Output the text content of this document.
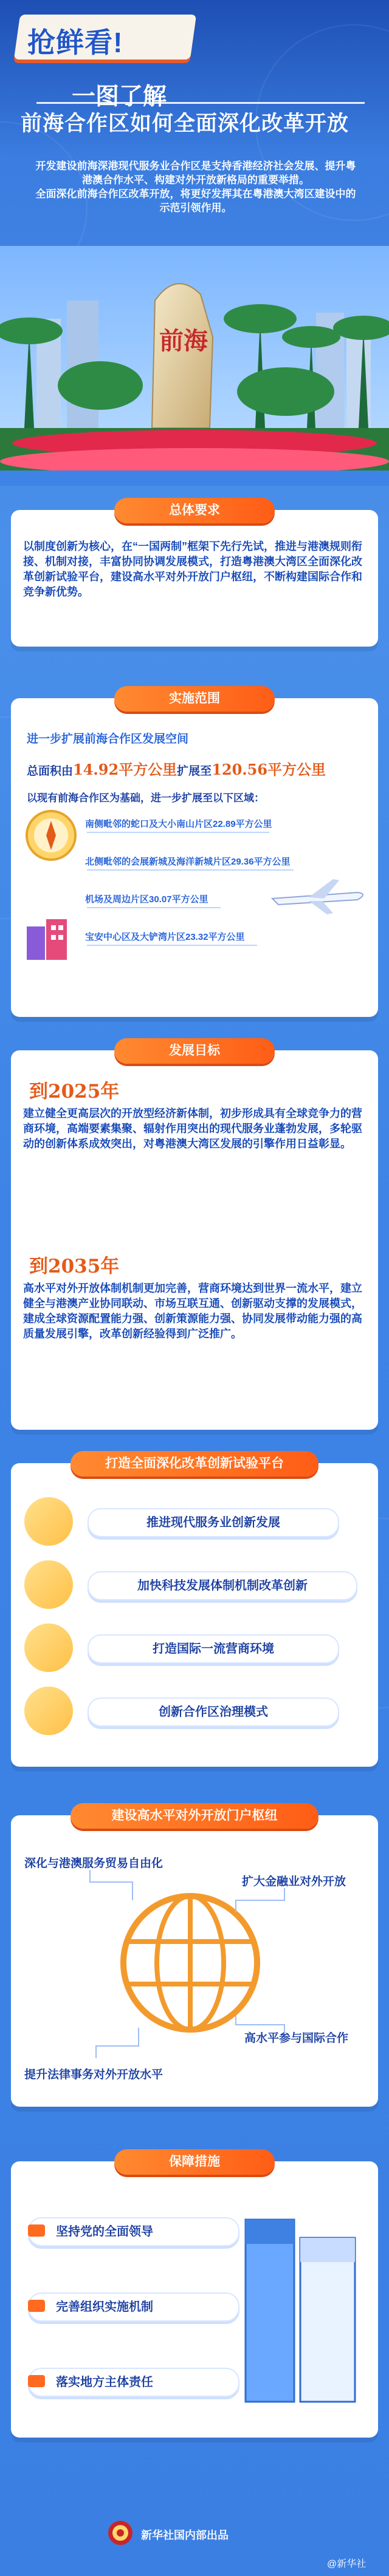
抢鲜看!
一图了解
前海合作区如何全面深化改革开放
开发建设前海深港现代服务业合作区是支持香港经济社会发展、提升粤港澳合作水平、构建对外开放新格局的重要举措。
全面深化前海合作区改革开放，将更好发挥其在粤港澳大湾区建设中的示范引领作用。
前海
以制度创新为核心，在“一国两制”框架下先行先试，推进与港澳规则衔接、机制对接，丰富协同协调发展模式，打造粤港澳大湾区全面深化改革创新试验平台，建设高水平对外开放门户枢纽，不断构建国际合作和竞争新优势。
总体要求
进一步扩展前海合作区发展空间
总面积由14.92平方公里扩展至120.56平方公里
以现有前海合作区为基础，进一步扩展至以下区域：
南侧毗邻的蛇口及大小南山片区22.89平方公里
北侧毗邻的会展新城及海洋新城片区29.36平方公里
机场及周边片区30.07平方公里
宝安中心区及大铲湾片区23.32平方公里
实施范围
到2025年
建立健全更高层次的开放型经济新体制，初步形成具有全球竞争力的营商环境，高端要素集聚、辐射作用突出的现代服务业蓬勃发展，多轮驱动的创新体系成效突出，对粤港澳大湾区发展的引擎作用日益彰显。
到2035年
高水平对外开放体制机制更加完善，营商环境达到世界一流水平，建立健全与港澳产业协同联动、市场互联互通、创新驱动支撑的发展模式，建成全球资源配置能力强、创新策源能力强、协同发展带动能力强的高质量发展引擎，改革创新经验得到广泛推广。
发展目标
推进现代服务业创新发展
加快科技发展体制机制改革创新
打造国际一流营商环境
创新合作区治理模式
打造全面深化改革创新试验平台
深化与港澳服务贸易自由化
扩大金融业对外开放
高水平参与国际合作
提升法律事务对外开放水平
建设高水平对外开放门户枢纽
坚持党的全面领导
完善组织实施机制
落实地方主体责任
保障措施
新华社国内部出品
@新华社
